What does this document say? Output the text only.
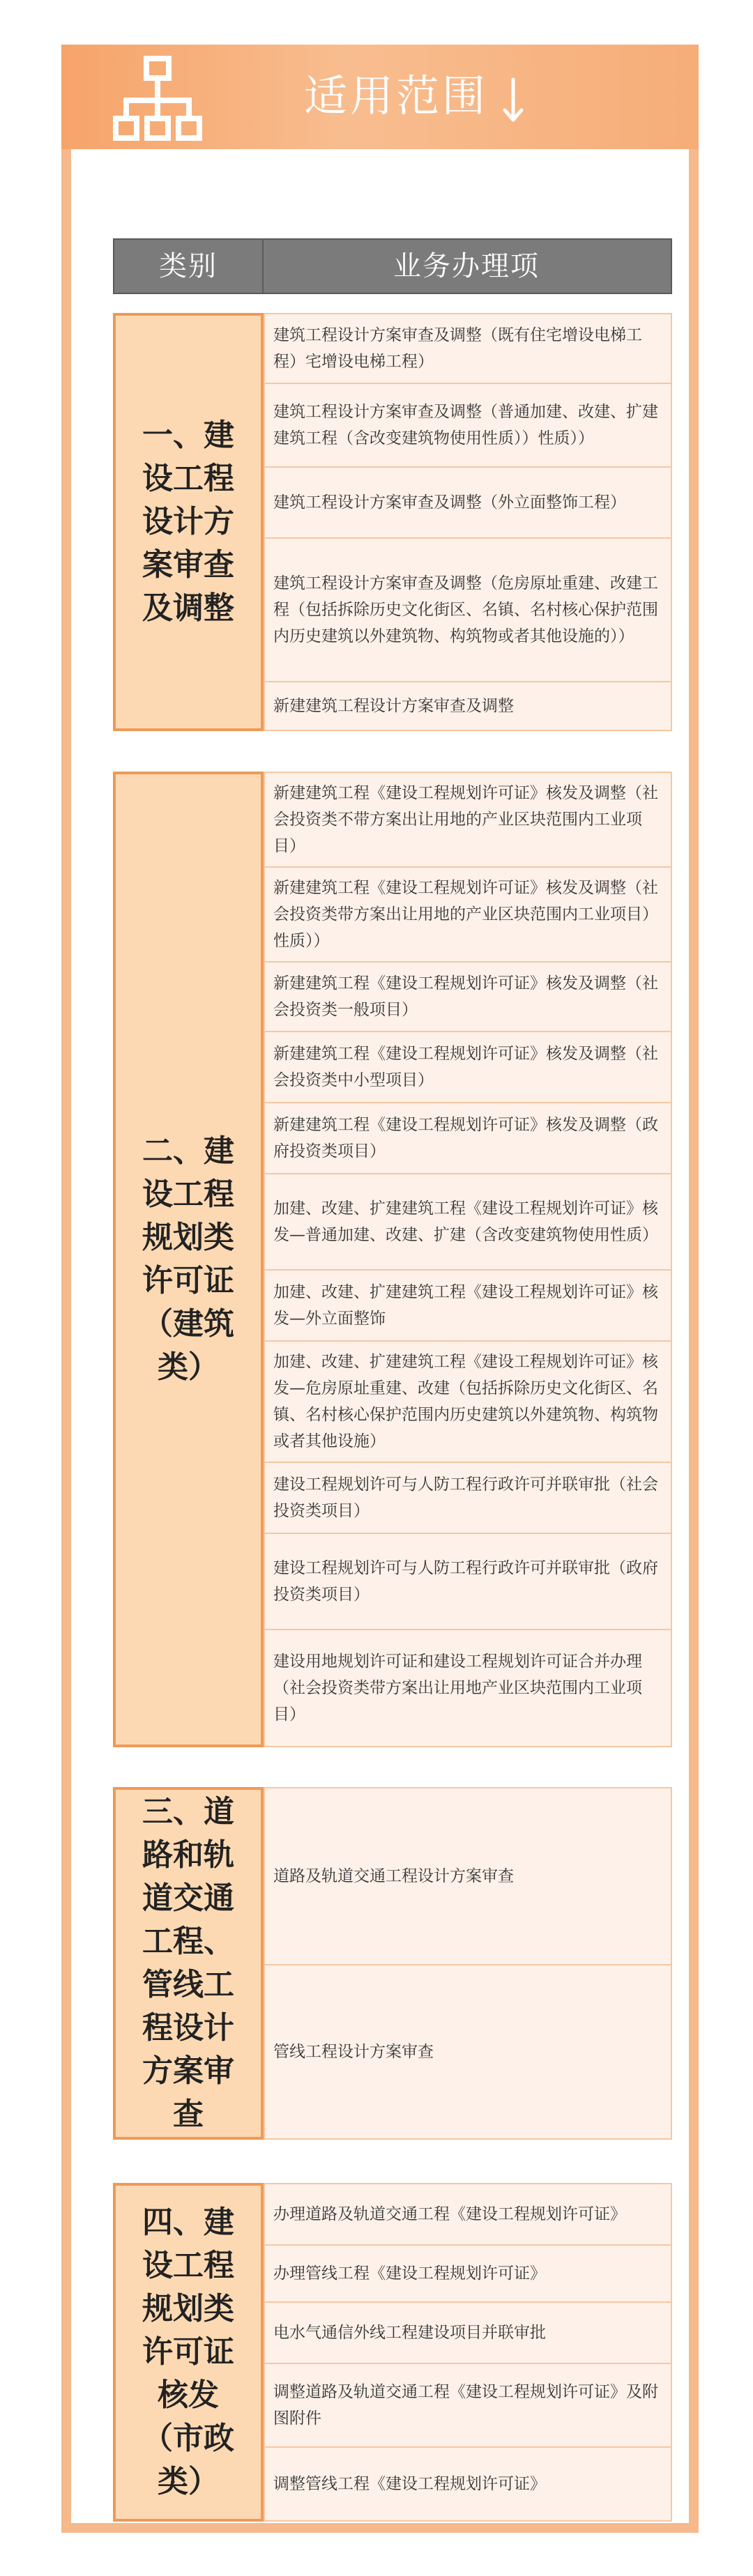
适用范围
类别	业务办理项
一、建设工程设计方案审查及调整
建筑工程设计方案审查及调整（既有住宅增设电梯工程）宅增设电梯工程）
建筑工程设计方案审查及调整（普通加建、改建、扩建建筑工程（含改变建筑物使用性质））性质））
建筑工程设计方案审查及调整（外立面整饰工程）
建筑工程设计方案审查及调整（危房原址重建、改建工程（包括拆除历史文化街区、名镇、名村核心保护范围内历史建筑以外建筑物、构筑物或者其他设施的））
新建建筑工程设计方案审查及调整
二、建设工程规划类许可证（建筑类）
新建建筑工程《建设工程规划许可证》核发及调整（社会投资类不带方案出让用地的产业区块范围内工业项目）
新建建筑工程《建设工程规划许可证》核发及调整（社会投资类带方案出让用地的产业区块范围内工业项目）性质））
新建建筑工程《建设工程规划许可证》核发及调整（社会投资类一般项目）
新建建筑工程《建设工程规划许可证》核发及调整（社会投资类中小型项目）
新建建筑工程《建设工程规划许可证》核发及调整（政府投资类项目）
加建、改建、扩建建筑工程《建设工程规划许可证》核发—普通加建、改建、扩建（含改变建筑物使用性质）
加建、改建、扩建建筑工程《建设工程规划许可证》核发—外立面整饰
加建、改建、扩建建筑工程《建设工程规划许可证》核发—危房原址重建、改建（包括拆除历史文化街区、名镇、名村核心保护范围内历史建筑以外建筑物、构筑物或者其他设施）
建设工程规划许可与人防工程行政许可并联审批（社会投资类项目）
建设工程规划许可与人防工程行政许可并联审批（政府投资类项目）
建设用地规划许可证和建设工程规划许可证合并办理（社会投资类带方案出让用地产业区块范围内工业项目）
三、道路和轨道交通工程、管线工程设计方案审查
道路及轨道交通工程设计方案审查
管线工程设计方案审查
四、建设工程规划类许可证核发（市政类）
办理道路及轨道交通工程《建设工程规划许可证》
办理管线工程《建设工程规划许可证》
电水气通信外线工程建设项目并联审批
调整道路及轨道交通工程《建设工程规划许可证》及附图附件
调整管线工程《建设工程规划许可证》
